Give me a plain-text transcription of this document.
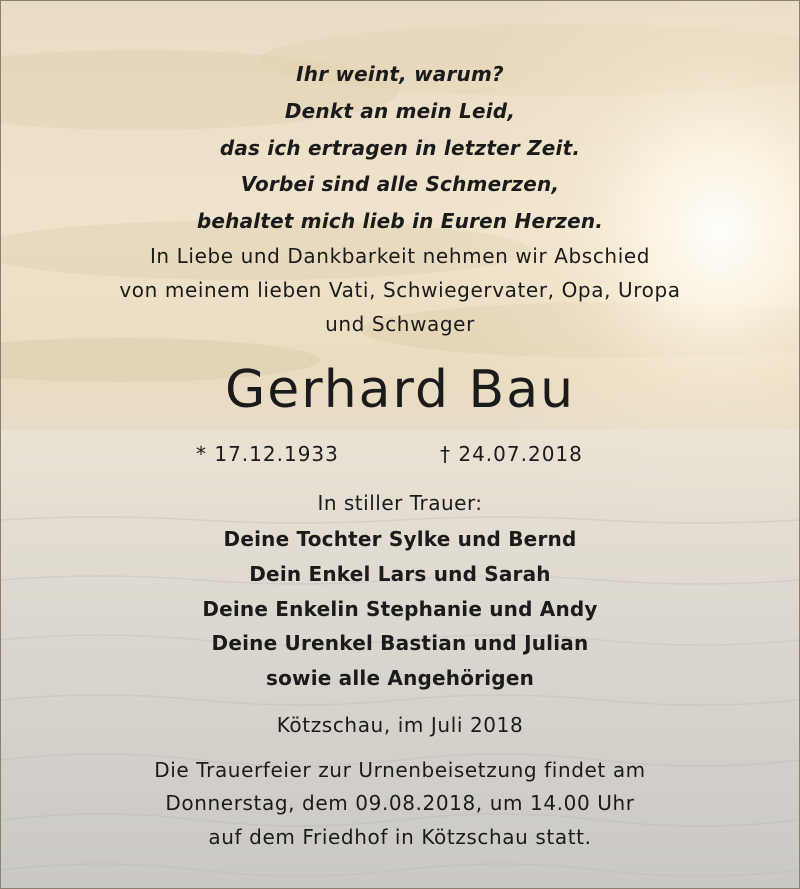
Ihr weint, warum?
Denkt an mein Leid,
das ich ertragen in letzter Zeit.
Vorbei sind alle Schmerzen,
behaltet mich lieb in Euren Herzen.
In Liebe und Dankbarkeit nehmen wir Abschied
von meinem lieben Vati, Schwiegervater, Opa, Uropa
und Schwager
Gerhard Bau
* 17.12.1933	† 24.07.2018
In stiller Trauer:
Deine Tochter Sylke und Bernd
Dein Enkel Lars und Sarah
Deine Enkelin Stephanie und Andy
Deine Urenkel Bastian und Julian
sowie alle Angehörigen
Kötzschau, im Juli 2018
Die Trauerfeier zur Urnenbeisetzung findet am
Donnerstag, dem 09.08.2018, um 14.00 Uhr
auf dem Friedhof in Kötzschau statt.
